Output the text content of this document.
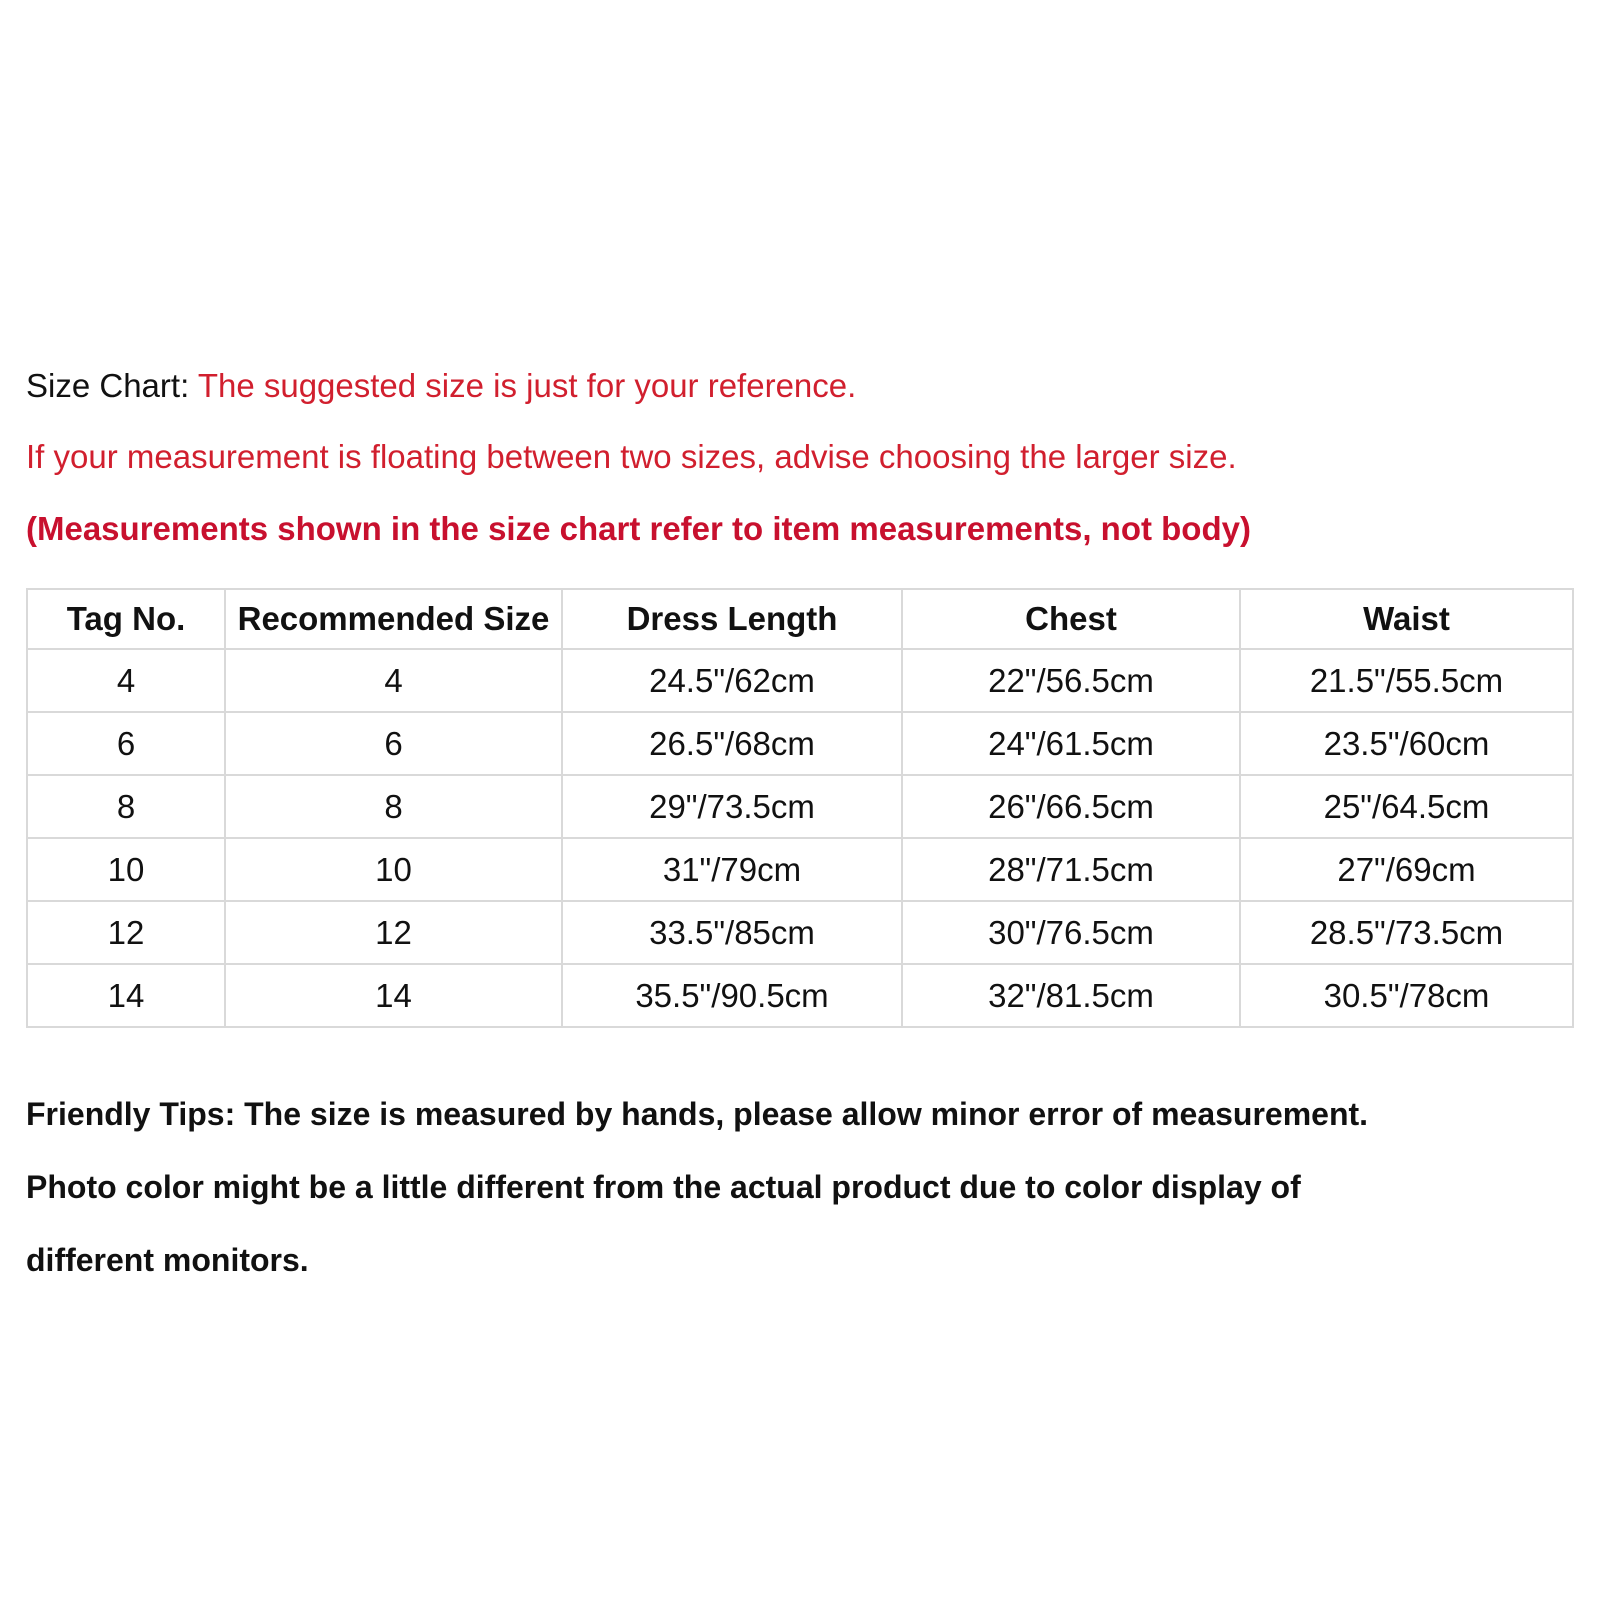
Size Chart: The suggested size is just for your reference.
If your measurement is floating between two sizes, advise choosing the larger size.
(Measurements shown in the size chart refer to item measurements, not body)
Tag No.	Recommended Size	Dress Length	Chest	Waist
4	4	24.5"/62cm	22"/56.5cm	21.5"/55.5cm
6	6	26.5"/68cm	24"/61.5cm	23.5"/60cm
8	8	29"/73.5cm	26"/66.5cm	25"/64.5cm
10	10	31"/79cm	28"/71.5cm	27"/69cm
12	12	33.5"/85cm	30"/76.5cm	28.5"/73.5cm
14	14	35.5"/90.5cm	32"/81.5cm	30.5"/78cm
Friendly Tips: The size is measured by hands, please allow minor error of measurement.
Photo color might be a little different from the actual product due to color display of
different monitors.
